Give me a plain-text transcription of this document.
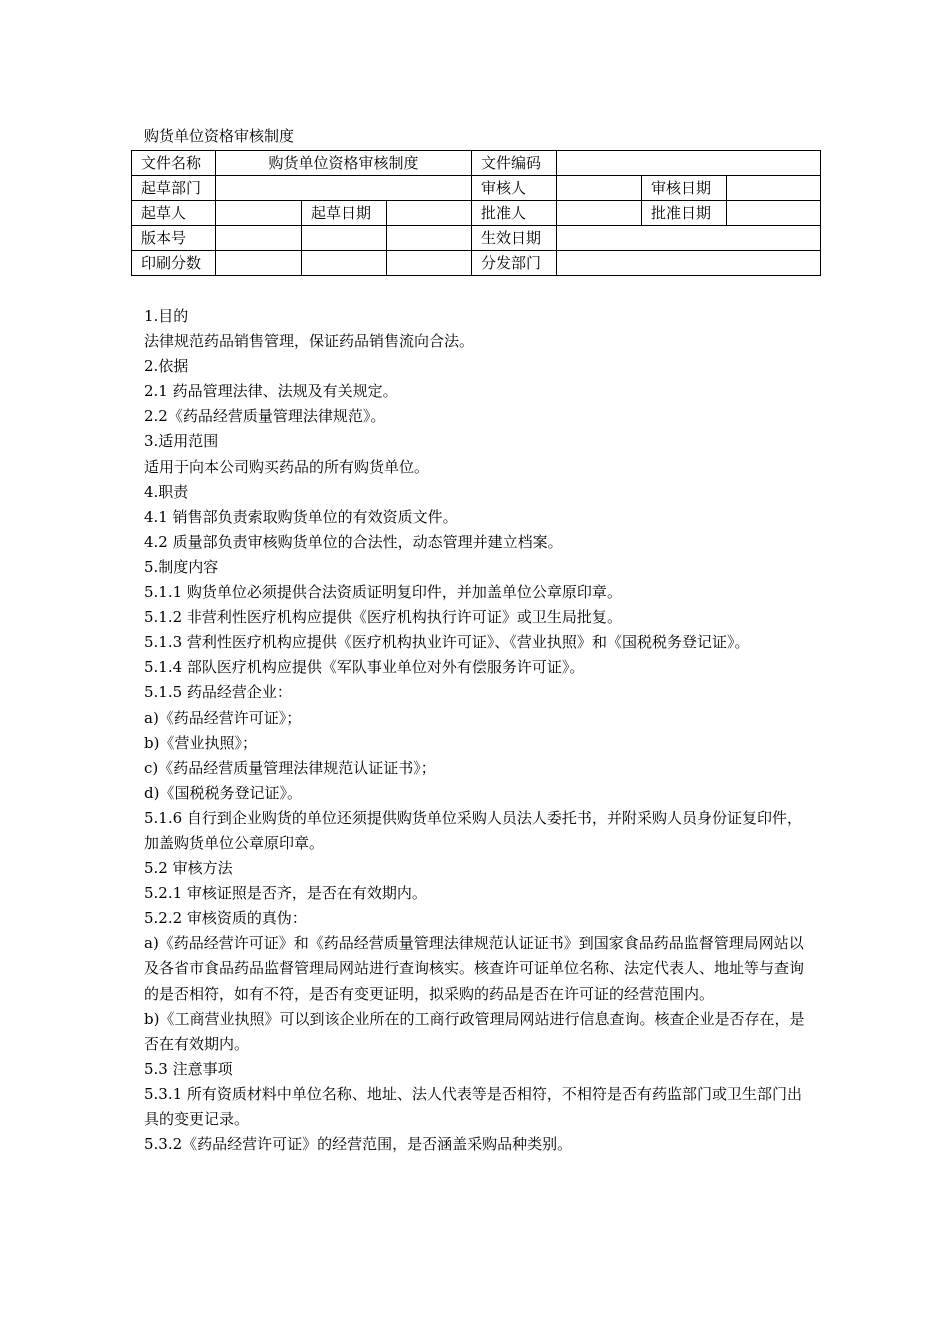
购货单位资格审核制度
文件名称	购货单位资格审核制度			文件编码			
起草部门				审核人		审核日期	
起草人		起草日期		批准人		批准日期	
版本号				生效日期			
印刷分数				分发部门			

1.目的

法律规范药品销售管理，保证药品销售流向合法。

2.依据

2.1 药品管理法律、法规及有关规定。

2.2《药品经营质量管理法律规范》。

3.适用范围

适用于向本公司购买药品的所有购货单位。

4.职责

4.1 销售部负责索取购货单位的有效资质文件。

4.2 质量部负责审核购货单位的合法性，动态管理并建立档案。

5.制度内容

5.1.1 购货单位必须提供合法资质证明复印件，并加盖单位公章原印章。

5.1.2 非营利性医疗机构应提供《医疗机构执行许可证》或卫生局批复。

5.1.3 营利性医疗机构应提供《医疗机构执业许可证》、《营业执照》和《国税税务登记证》。

5.1.4 部队医疗机构应提供《军队事业单位对外有偿服务许可证》。

5.1.5 药品经营企业：

a)《药品经营许可证》；

b)《营业执照》；

c)《药品经营质量管理法律规范认证证书》；

d)《国税税务登记证》。

5.1.6 自行到企业购货的单位还须提供购货单位采购人员法人委托书，并附采购人员身份证复印件，加盖购货单位公章原印章。

5.2 审核方法

5.2.1 审核证照是否齐，是否在有效期内。

5.2.2 审核资质的真伪：

a)《药品经营许可证》和《药品经营质量管理法律规范认证证书》到国家食品药品监督管理局网站以及各省市食品药品监督管理局网站进行查询核实。核查许可证单位名称、法定代表人、地址等与查询的是否相符，如有不符，是否有变更证明，拟采购的药品是否在许可证的经营范围内。

b)《工商营业执照》可以到该企业所在的工商行政管理局网站进行信息查询。核查企业是否存在，是否在有效期内。

5.3 注意事项

5.3.1 所有资质材料中单位名称、地址、法人代表等是否相符，不相符是否有药监部门或卫生部门出具的变更记录。

5.3.2《药品经营许可证》的经营范围，是否涵盖采购品种类别。
